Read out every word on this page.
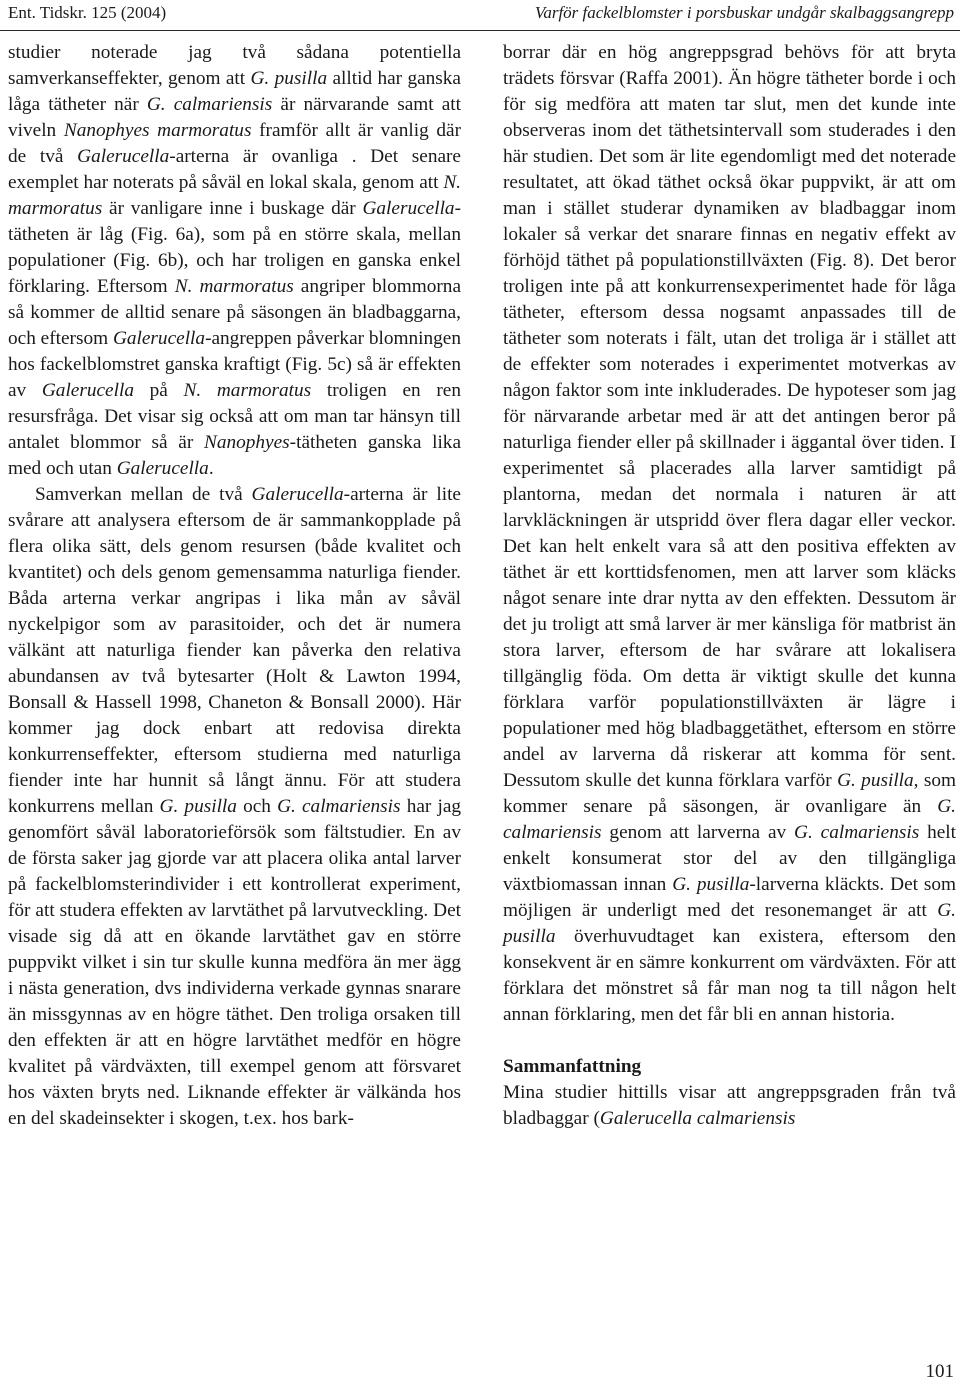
Ent. Tidskr. 125 (2004)	Varför fackelblomster i porsbuskar undgår skalbaggsangrepp

studier noterade jag två sådana potentiella samverkanseffekter, genom att G. pusilla alltid har ganska låga tätheter när G. calmariensis är närvarande samt att viveln Nanophyes marmoratus framför allt är vanlig där de två Galerucella-arterna är ovanliga . Det senare exemplet har noterats på såväl en lokal skala, genom att N. marmoratus är vanligare inne i buskage där Galerucella-tätheten är låg (Fig. 6a), som på en större skala, mellan populationer (Fig. 6b), och har troligen en ganska enkel förklaring. Eftersom N. marmoratus angriper blommorna så kommer de alltid senare på säsongen än bladbaggarna, och eftersom Galerucella-angreppen påverkar blomningen hos fackelblomstret ganska kraftigt (Fig. 5c) så är effekten av Galerucella på N. marmoratus troligen en ren resursfråga. Det visar sig också att om man tar hänsyn till antalet blommor så är Nanophyes-tätheten ganska lika med och utan Galerucella.

Samverkan mellan de två Galerucella-arterna är lite svårare att analysera eftersom de är sammankopplade på flera olika sätt, dels genom resursen (både kvalitet och kvantitet) och dels genom gemensamma naturliga fiender. Båda arterna verkar angripas i lika mån av såväl nyckelpigor som av parasitoider, och det är numera välkänt att naturliga fiender kan påverka den relativa abundansen av två bytesarter (Holt & Lawton 1994, Bonsall & Hassell 1998, Chaneton & Bonsall 2000). Här kommer jag dock enbart att redovisa direkta konkurrenseffekter, eftersom studierna med naturliga fiender inte har hunnit så långt ännu. För att studera konkurrens mellan G. pusilla och G. calmariensis har jag genomfört såväl laboratorieförsök som fältstudier. En av de första saker jag gjorde var att placera olika antal larver på fackelblomsterindivider i ett kontrollerat experiment, för att studera effekten av larvtäthet på larvutveckling. Det visade sig då att en ökande larvtäthet gav en större puppvikt vilket i sin tur skulle kunna medföra än mer ägg i nästa generation, dvs individerna verkade gynnas snarare än missgynnas av en högre täthet. Den troliga orsaken till den effekten är att en högre larvtäthet medför en högre kvalitet på värdväxten, till exempel genom att försvaret hos växten bryts ned. Liknande effekter är välkända hos en del skadeinsekter i skogen, t.ex. hos bark-

borrar där en hög angreppsgrad behövs för att bryta trädets försvar (Raffa 2001). Än högre tätheter borde i och för sig medföra att maten tar slut, men det kunde inte observeras inom det täthetsintervall som studerades i den här studien. Det som är lite egendomligt med det noterade resultatet, att ökad täthet också ökar puppvikt, är att om man i stället studerar dynamiken av bladbaggar inom lokaler så verkar det snarare finnas en negativ effekt av förhöjd täthet på populationstillväxten (Fig. 8). Det beror troligen inte på att konkurrensexperimentet hade för låga tätheter, eftersom dessa nogsamt anpassades till de tätheter som noterats i fält, utan det troliga är i stället att de effekter som noterades i experimentet motverkas av någon faktor som inte inkluderades. De hypoteser som jag för närvarande arbetar med är att det antingen beror på naturliga fiender eller på skillnader i äggantal över tiden. I experimentet så placerades alla larver samtidigt på plantorna, medan det normala i naturen är att larvkläckningen är utspridd över flera dagar eller veckor. Det kan helt enkelt vara så att den positiva effekten av täthet är ett korttidsfenomen, men att larver som kläcks något senare inte drar nytta av den effekten. Dessutom är det ju troligt att små larver är mer känsliga för matbrist än stora larver, eftersom de har svårare att lokalisera tillgänglig föda. Om detta är viktigt skulle det kunna förklara varför populationstillväxten är lägre i populationer med hög bladbaggetäthet, eftersom en större andel av larverna då riskerar att komma för sent. Dessutom skulle det kunna förklara varför G. pusilla, som kommer senare på säsongen, är ovanligare än G. calmariensis genom att larverna av G. calmariensis helt enkelt konsumerat stor del av den tillgängliga växtbiomassan innan G. pusilla-larverna kläckts. Det som möjligen är underligt med det resonemanget är att G. pusilla överhuvudtaget kan existera, eftersom den konsekvent är en sämre konkurrent om värdväxten. För att förklara det mönstret så får man nog ta till någon helt annan förklaring, men det får bli en annan historia.

Sammanfattning

Mina studier hittills visar att angreppsgraden från två bladbaggar (Galerucella calmariensis

101
